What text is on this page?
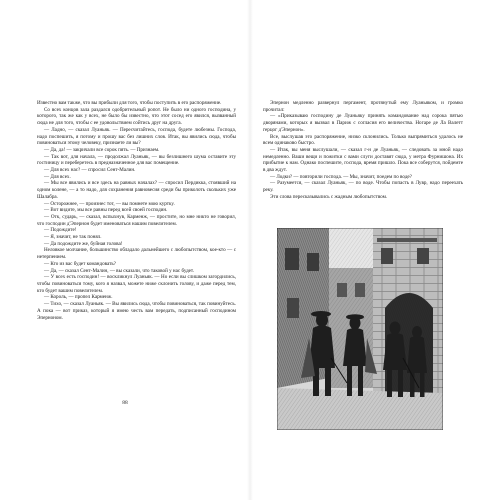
Известно вам также, что вы прибыли для того, чтобы поступить в его распоряжение.

Со всех концов зала раздался одобрительный ропот. Не было ни одного господина, у которого, так же как у всех, не было бы известно, что этот сосед его явился, вызванный сюда не для того, чтобы с ее удовольствием сойтись друг на друга.

— Ладно, — сказал Луаньяк. — Пересчитайтесь, господа, будете любезны. Господа, надо поспешить, я потому и прошу вас без лишних слов. Итак, вы явились сюда, чтобы повиноваться этому человеку, признаете ли вы?

— Да, да! — закричали все сорок пять. — Признаем.

— Так вот, для начала, — продолжал Луаньяк, — вы безлишнего шума оставите эту гостиницу и переберетесь в предназначенное для вас помещение.

— Для всех нас? — спросил Сент-Малин.

— Для всех.

— Мы все явились и все здесь на равных началах? — спросил Пердикка, стоявший на одном колене, — а то надо, для сохранения равновесия среди бы приколоть скольких уже Шалабра.

— Осторожнее, — произнес тот, — вы помнете мою куртку.

— Вот видите, мы все равны перед всей своей господин.

— Отк, сударь, — сказал, вспыхнув, Карменж, — простите, но мне никто не говорил, что господин д'Эпернон будет именоваться нашим повелителем.

— Подождите!

— Я, значит, не так понял.

— Да подождите же, буйная голова!

Неловкое молчание, большинство обладало дальнейшего с любопытством, кое-кто — с нетерпением.

— Кто из вас будет командовать?

— Да, — сказал Сент-Малин, — вы сказали, что таковой у нас будет.

— У всех есть господин! — воскликнул Луаньяк. — Но если вы слишком загордились, чтобы повиноваться тому, кого я назвал, можете ниже склонить голову, и даже перед тем, кто будет вашим повелителем.

— Король, — пропел Карменж.

— Тихо, — сказал Луаньяк. — Вы явились сюда, чтобы повиноваться, так повинуйтесь. А пока — вот приказ, который я имею честь вам передать, подписанный господином Эперноном.

88

Эпернон медленно развернул пергамент, протянутый ему Луаньяком, и громко прочитал:

— «Приказываю господину де Луаньяку принять командование над сорока пятью дворянами, которых я вызвал в Париж с согласия его величества. Ногаре де Ла Валетт герцог д'Эпернон».

Все, выслушав это распоряжение, низко склонились. Только выпрямиться удалось не всем одинаково быстро.

— Итак, вы меня выслушали, — сказал г-н де Луаньяк, — следовать за мной надо немедленно. Ваши вещи и пожитки с вами слуги доставят сюда, у метра Фурнишона. Их прибытие к нам. Однако поспешите, господа, время пришло. Пока все соберутся, пойдемте в два ждут.

— Лодки? — повторили господа. — Мы, значит, поедем по воде?

— Разумеется, — сказал Луаньяк, — по воде. Чтобы попасть в Лувр, надо переехать реку.

Эти слова пересказывались с жадным любопытством.
